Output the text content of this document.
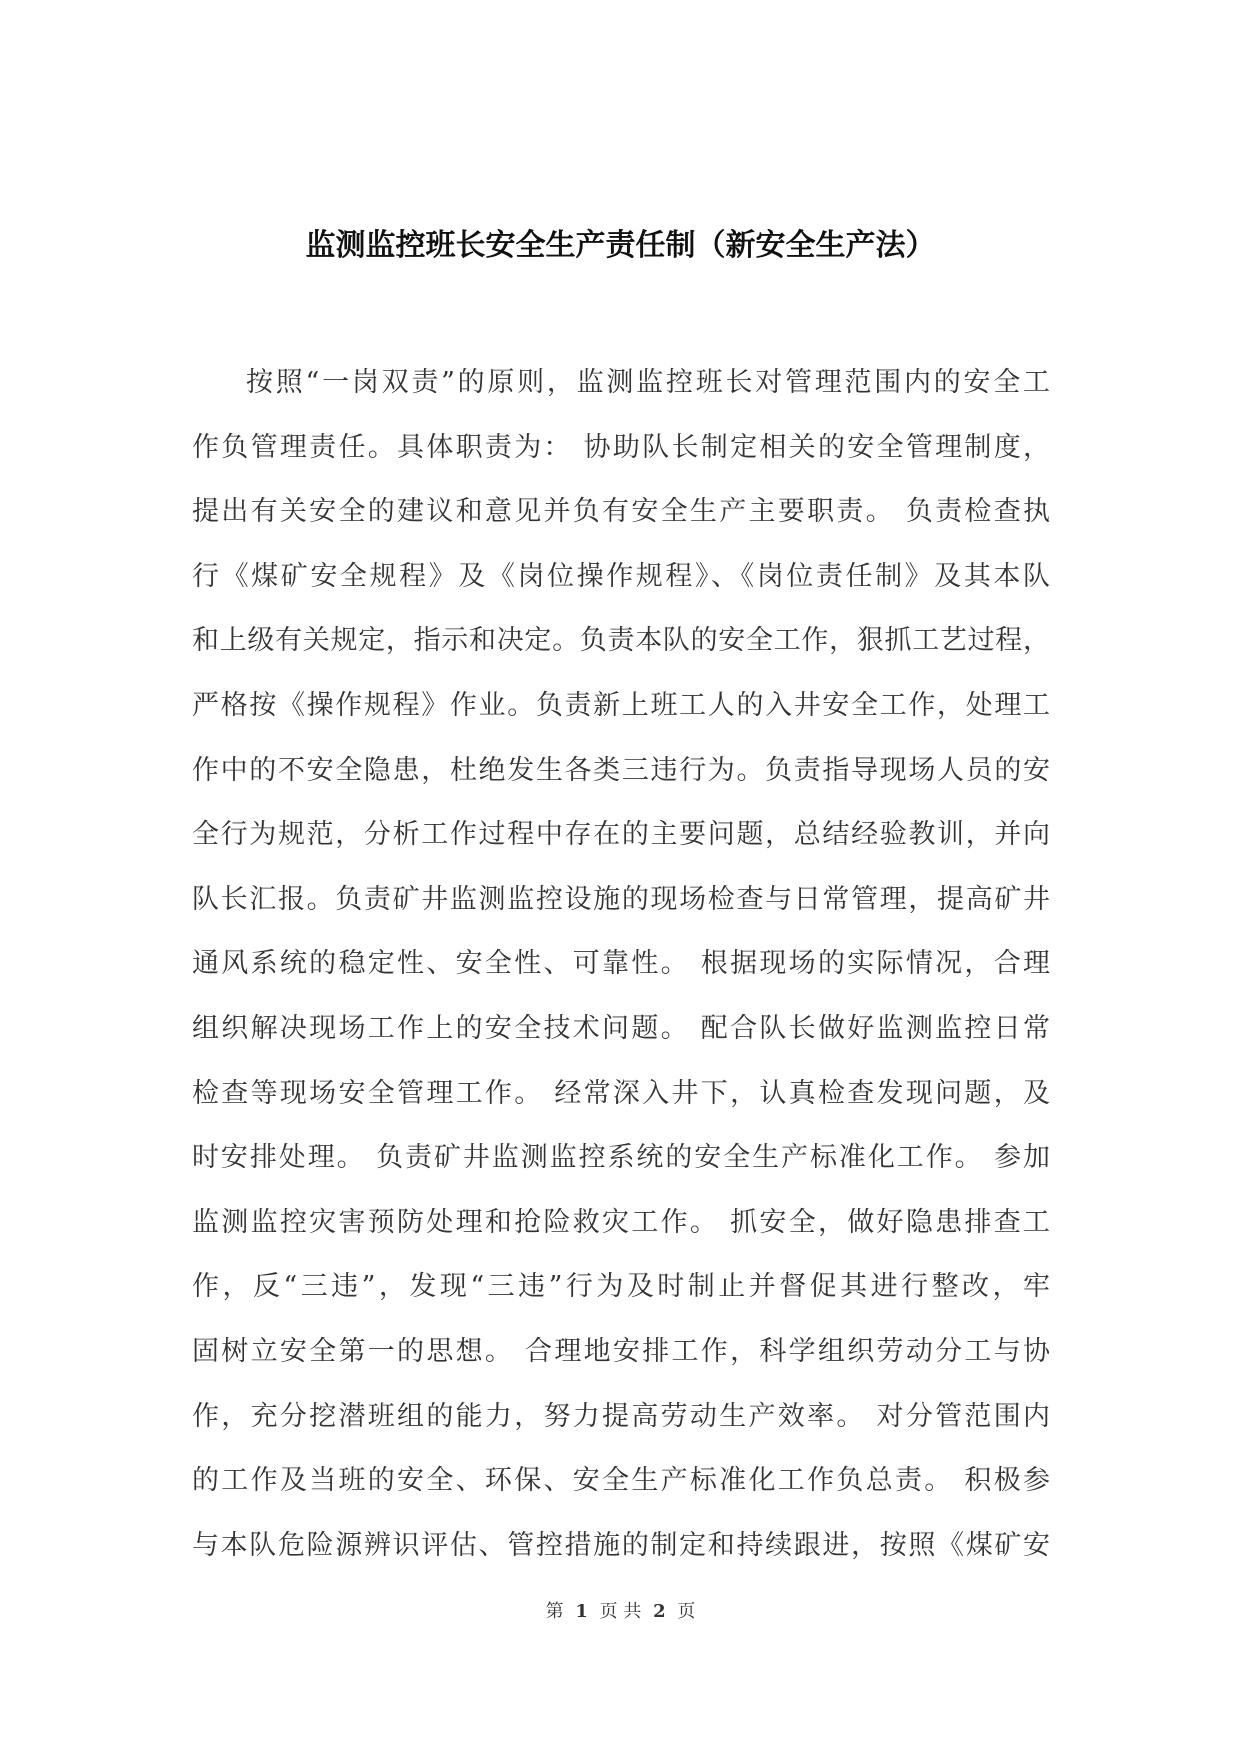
监测监控班长安全生产责任制（新安全生产法）
按照“一岗双责”的原则，监测监控班长对管理范围内的安全工
作负管理责任。具体职责为： 协助队长制定相关的安全管理制度，
提出有关安全的建议和意见并负有安全生产主要职责。 负责检查执
行《煤矿安全规程》及《岗位操作规程》、《岗位责任制》及其本队
和上级有关规定，指示和决定。负责本队的安全工作，狠抓工艺过程，
严格按《操作规程》作业。负责新上班工人的入井安全工作，处理工
作中的不安全隐患，杜绝发生各类三违行为。负责指导现场人员的安
全行为规范，分析工作过程中存在的主要问题，总结经验教训，并向
队长汇报。负责矿井监测监控设施的现场检查与日常管理，提高矿井
通风系统的稳定性、安全性、可靠性。 根据现场的实际情况，合理
组织解决现场工作上的安全技术问题。 配合队长做好监测监控日常
检查等现场安全管理工作。 经常深入井下，认真检查发现问题，及
时安排处理。 负责矿井监测监控系统的安全生产标准化工作。 参加
监测监控灾害预防处理和抢险救灾工作。 抓安全，做好隐患排查工
作，反“三违”，发现“三违”行为及时制止并督促其进行整改，牢
固树立安全第一的思想。 合理地安排工作，科学组织劳动分工与协
作，充分挖潜班组的能力，努力提高劳动生产效率。 对分管范围内
的工作及当班的安全、环保、安全生产标准化工作负总责。 积极参
与本队危险源辨识评估、管控措施的制定和持续跟进，按照《煤矿安
第 1 页 共 2 页
